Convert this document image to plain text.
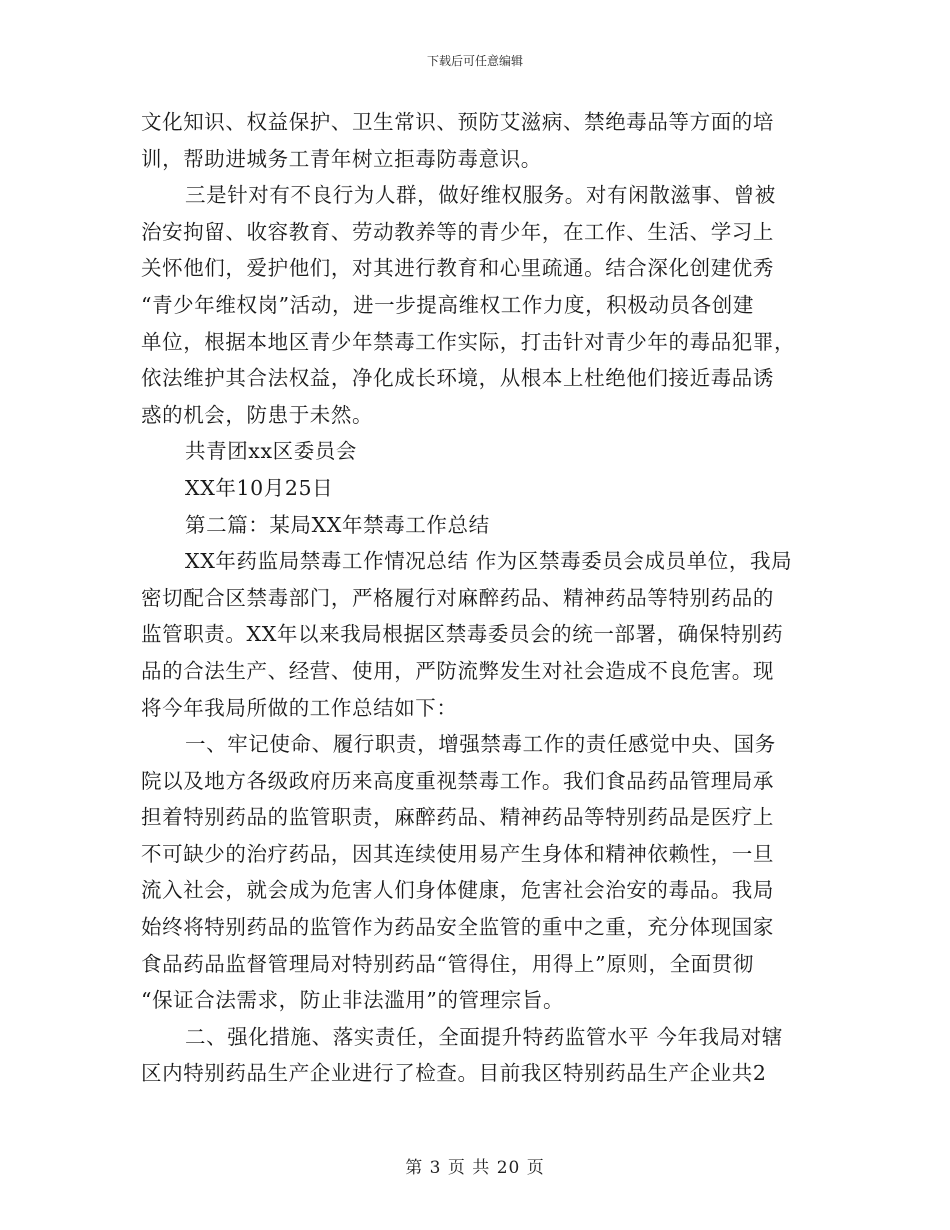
下载后可任意编辑
文化知识、权益保护、卫生常识、预防艾滋病、禁绝毒品等方面的培
训，帮助进城务工青年树立拒毒防毒意识。
三是针对有不良行为人群，做好维权服务。对有闲散滋事、曾被
治安拘留、收容教育、劳动教养等的青少年，在工作、生活、学习上
关怀他们，爱护他们，对其进行教育和心里疏通。结合深化创建优秀
“青少年维权岗”活动，进一步提高维权工作力度，积极动员各创建
单位，根据本地区青少年禁毒工作实际，打击针对青少年的毒品犯罪，
依法维护其合法权益，净化成长环境，从根本上杜绝他们接近毒品诱
惑的机会，防患于未然。
共青团xx区委员会
XX年10月25日
第二篇：某局XX年禁毒工作总结
XX年药监局禁毒工作情况总结 作为区禁毒委员会成员单位，我局
密切配合区禁毒部门，严格履行对麻醉药品、精神药品等特别药品的
监管职责。XX年以来我局根据区禁毒委员会的统一部署，确保特别药
品的合法生产、经营、使用，严防流弊发生对社会造成不良危害。现
将今年我局所做的工作总结如下：
一、牢记使命、履行职责，增强禁毒工作的责任感觉中央、国务
院以及地方各级政府历来高度重视禁毒工作。我们食品药品管理局承
担着特别药品的监管职责，麻醉药品、精神药品等特别药品是医疗上
不可缺少的治疗药品，因其连续使用易产生身体和精神依赖性，一旦
流入社会，就会成为危害人们身体健康，危害社会治安的毒品。我局
始终将特别药品的监管作为药品安全监管的重中之重，充分体现国家
食品药品监督管理局对特别药品“管得住，用得上”原则，全面贯彻
“保证合法需求，防止非法滥用”的管理宗旨。
二、强化措施、落实责任，全面提升特药监管水平 今年我局对辖
区内特别药品生产企业进行了检查。目前我区特别药品生产企业共2
第 3 页 共 20 页
